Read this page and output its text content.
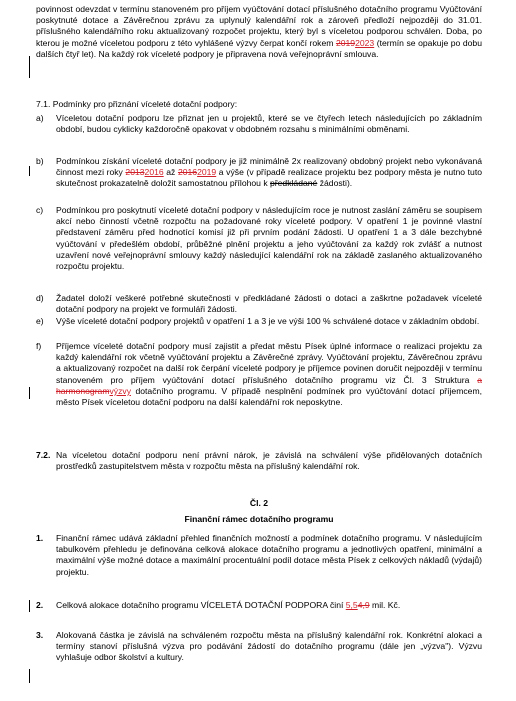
povinnost odevzdat v termínu stanoveném pro příjem vyúčtování dotací příslušného dotačního programu Vyúčtování poskytnuté dotace a Závěrečnou zprávu za uplynulý kalendářní rok a zároveň předloží nejpozději do 31.01. příslušného kalendářního roku aktualizovaný rozpočet projektu, který byl s víceletou podporou schválen. Doba, po kterou je možné víceletou podporu z této vyhlášené výzvy čerpat končí rokem 20192023 (termín se opakuje po dobu dalších čtyř let). Na každý rok víceleté podpory je připravena nová veřejnoprávní smlouva.

7.1. Podmínky pro přiznání víceleté dotační podpory:
a)	Víceletou dotační podporu lze přiznat jen u projektů, které se ve čtyřech letech následujících po základním období, budou cyklicky každoročně opakovat v obdobném rozsahu s minimálními obměnami.
b)	Podmínkou získání víceleté dotační podpory je již minimálně 2x realizovaný obdobný projekt nebo vykonávaná činnost mezi roky 20132016 až 20162019 a výše (v případě realizace projektu bez podpory města je nutno tuto skutečnost prokazatelně doložit samostatnou přílohou k předkládané žádosti).
c)	Podmínkou pro poskytnutí víceleté dotační podpory v následujícím roce je nutnost zaslání záměru se soupisem akcí nebo činností včetně rozpočtu na požadované roky víceleté podpory. V opatření 1 je povinné vlastní představení záměru před hodnotící komisí již při prvním podání žádosti. U opatření 1 a 3 dále bezchybné vyúčtování v předešlém období, průběžné plnění projektu a jeho vyúčtování za každý rok zvlášť a nutnost uzavření nové veřejnoprávní smlouvy každý následující kalendářní rok na základě zaslaného aktualizovaného rozpočtu projektu.
d)	Žadatel doloží veškeré potřebné skutečnosti v předkládané žádosti o dotaci a zaškrtne požadavek víceleté dotační podpory na projekt ve formuláři žádosti.
e)	Výše víceleté dotační podpory projektů v opatření 1 a 3 je ve výši 100 % schválené dotace v základním období.
f)	Příjemce víceleté dotační podpory musí zajistit a předat městu Písek úplné informace o realizaci projektu za každý kalendářní rok včetně vyúčtování projektu a Závěrečné zprávy. Vyúčtování projektu, Závěrečnou zprávu a aktualizovaný rozpočet na další rok čerpání víceleté podpory je příjemce povinen doručit nejpozději v termínu stanoveném pro příjem vyúčtování dotací příslušného dotačního programu viz Čl. 3 Struktura a harmonogramvýzvy dotačního programu. V případě nesplnění podmínek pro vyúčtování dotací příjemcem, město Písek víceletou dotační podporu na další kalendářní rok neposkytne.
7.2. Na víceletou dotační podporu není právní nárok, je závislá na schválení výše přidělovaných dotačních prostředků zastupitelstvem města v rozpočtu města na příslušný kalendářní rok.
Čl. 2
Finanční rámec dotačního programu
1.	Finanční rámec udává základní přehled finančních možností a podmínek dotačního programu. V následujícím tabulkovém přehledu je definována celková alokace dotačního programu a jednotlivých opatření, minimální a maximální výše možné dotace a maximální procentuální podíl dotace města Písek z celkových nákladů (výdajů) projektu.
2.	Celková alokace dotačního programu VÍCELETÁ DOTAČNÍ PODPORA činí 5,54,9 mil. Kč.
3.	Alokovaná částka je závislá na schváleném rozpočtu města na příslušný kalendářní rok. Konkrétní alokaci a termíny stanoví příslušná výzva pro podávání žádostí do dotačního programu (dále jen „výzva"). Výzvu vyhlašuje odbor školství a kultury.
